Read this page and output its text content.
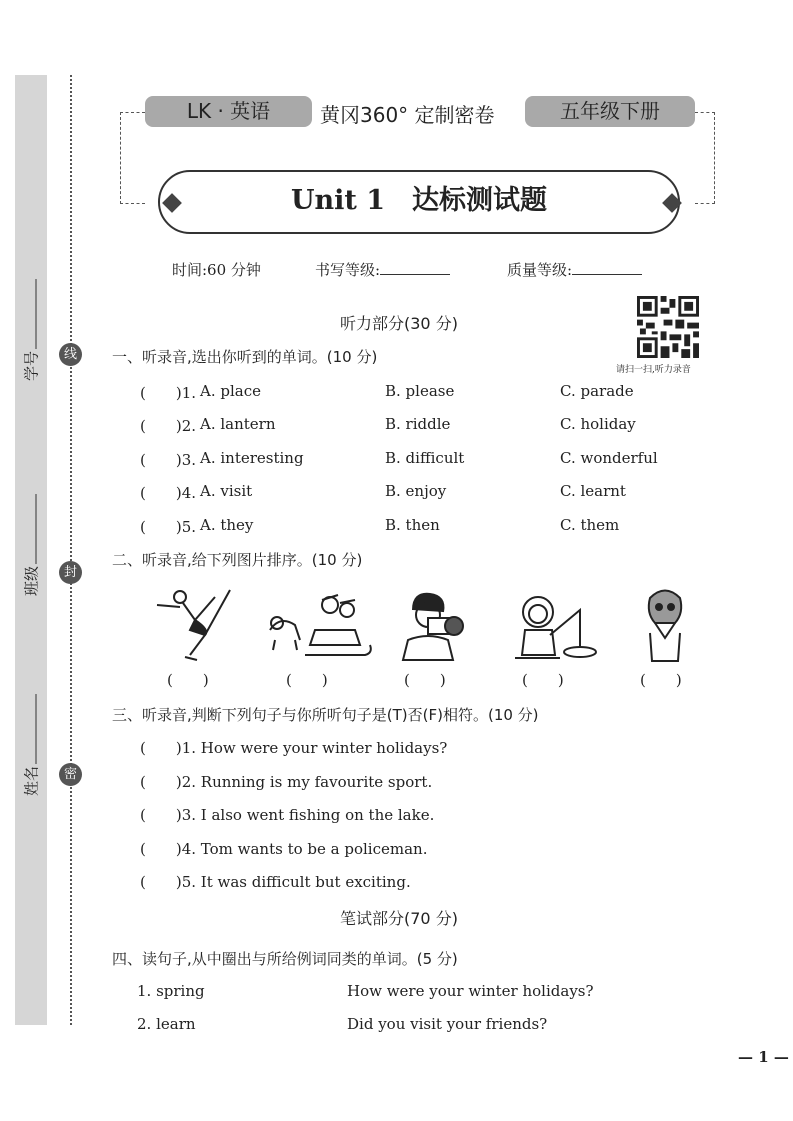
学号
班级
姓名
线
封
密
LK · 英语	黄冈360° 定制密卷	五年级下册
Unit 1　达标测试题
时间:60 分钟	书写等级:	质量等级:
听力部分(30 分)
请扫一扫,听力录音
一、听录音,选出你听到的单词。(10 分)
(　　)1. A. place	B. please	C. parade
(　　)2. A. lantern	B. riddle	C. holiday
(　　)3. A. interesting	B. difficult	C. wonderful
(　　)4. A. visit	B. enjoy	C. learnt
(　　)5. A. they	B. then	C. them
二、听录音,给下列图片排序。(10 分)
(　　)	(　　)	(　　)	(　　)	(　　)
三、听录音,判断下列句子与你所听句子是(T)否(F)相符。(10 分)
(　　)1. How were your winter holidays?
(　　)2. Running is my favourite sport.
(　　)3. I also went fishing on the lake.
(　　)4. Tom wants to be a policeman.
(　　)5. It was difficult but exciting.
笔试部分(70 分)
四、读句子,从中圈出与所给例词同类的单词。(5 分)
1. spring	How were your winter holidays?
2. learn	Did you visit your friends?
— 1 —
